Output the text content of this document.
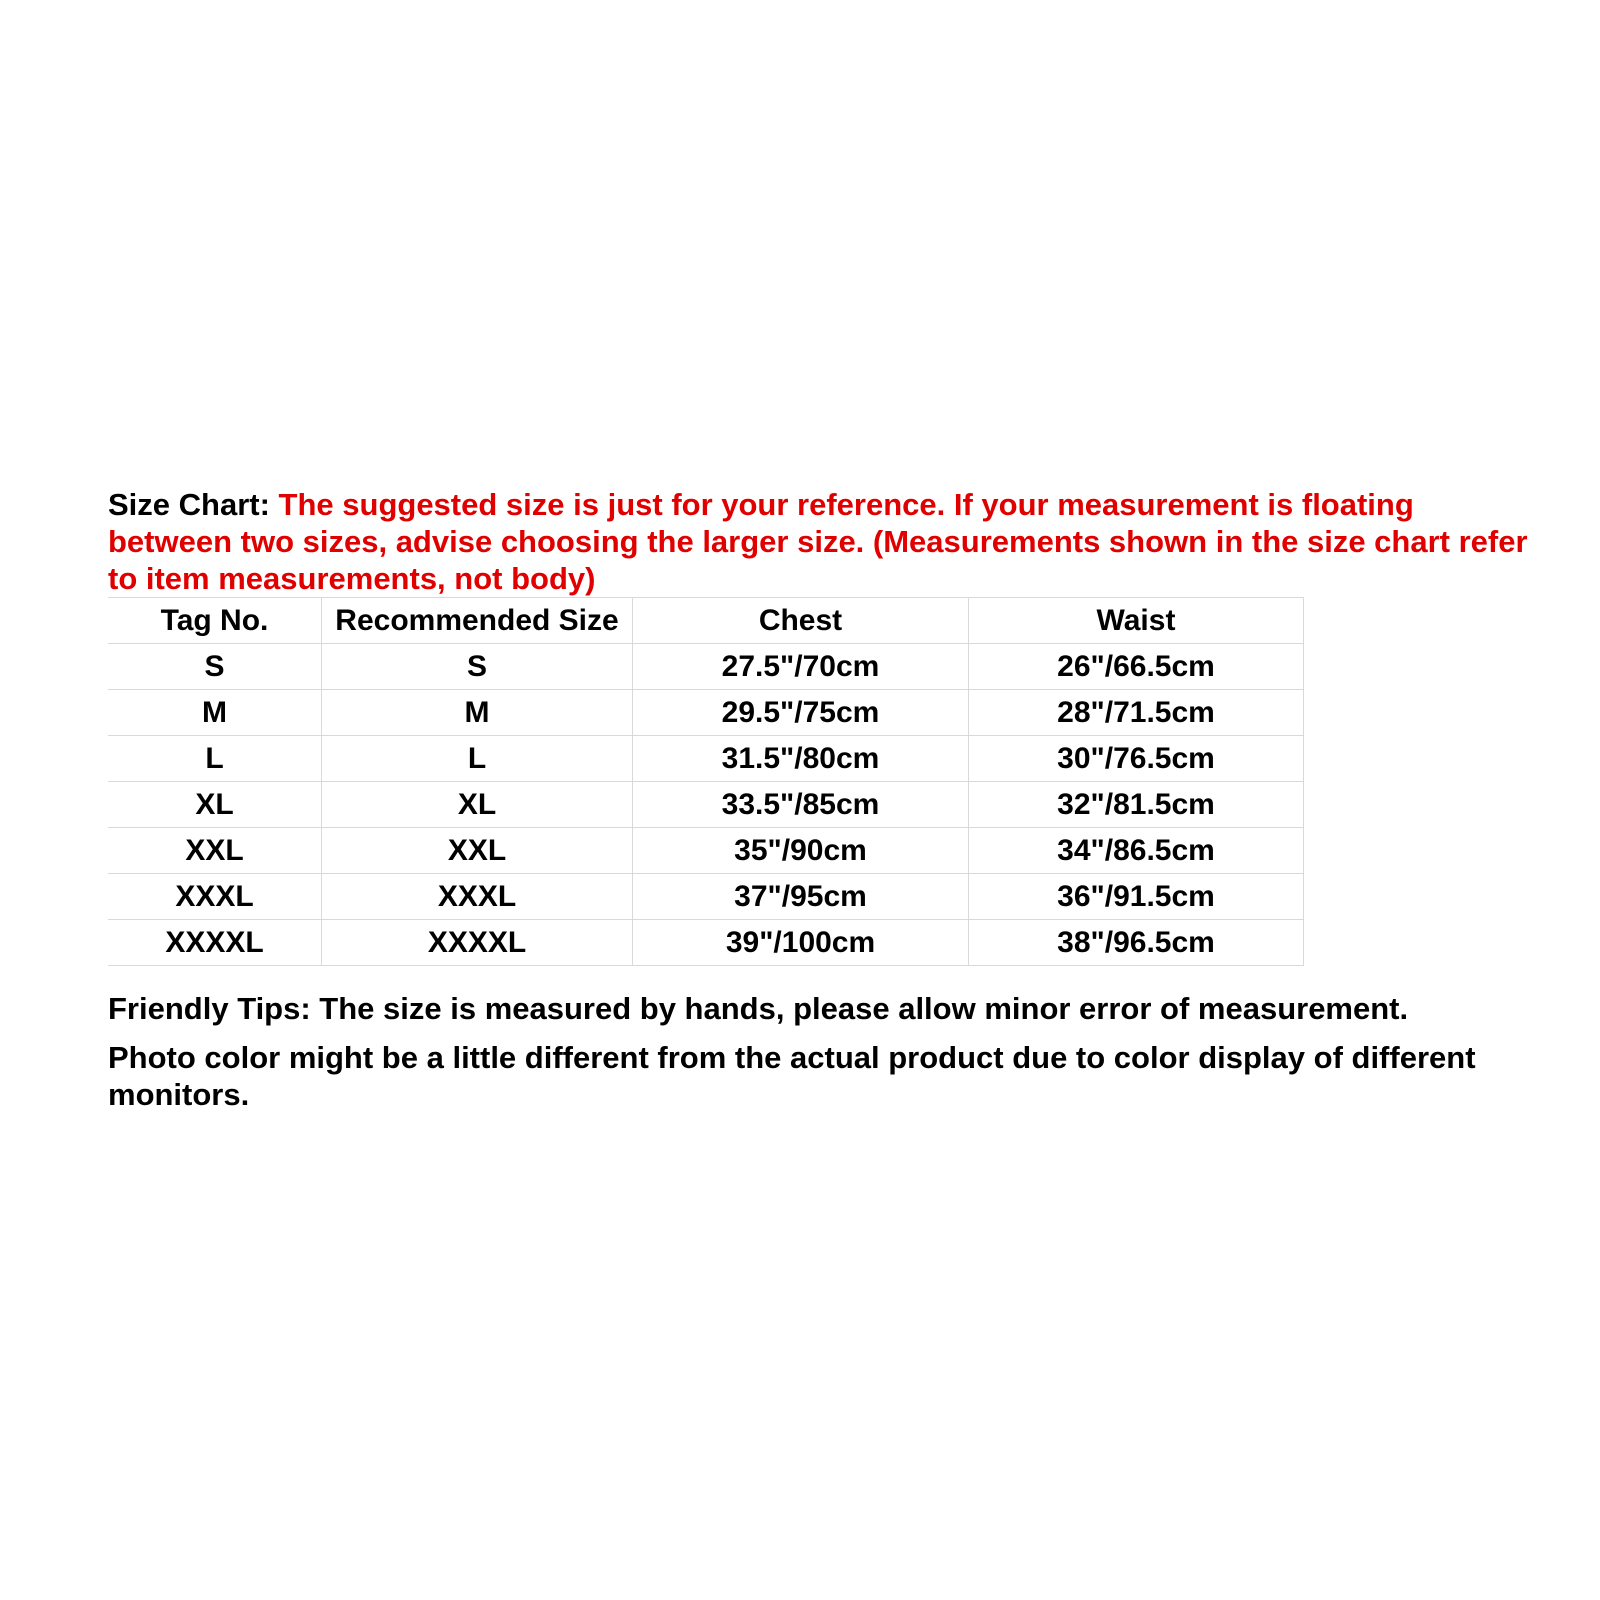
Size Chart: The suggested size is just for your reference. If your measurement is floating between two sizes, advise choosing the larger size. (Measurements shown in the size chart refer to item measurements, not body)

Tag No.	Recommended Size	Chest	Waist
S	S	27.5"/70cm	26"/66.5cm
M	M	29.5"/75cm	28"/71.5cm
L	L	31.5"/80cm	30"/76.5cm
XL	XL	33.5"/85cm	32"/81.5cm
XXL	XXL	35"/90cm	34"/86.5cm
XXXL	XXXL	37"/95cm	36"/91.5cm
XXXXL	XXXXL	39"/100cm	38"/96.5cm

Friendly Tips: The size is measured by hands, please allow minor error of measurement.

Photo color might be a little different from the actual product due to color display of different monitors.
